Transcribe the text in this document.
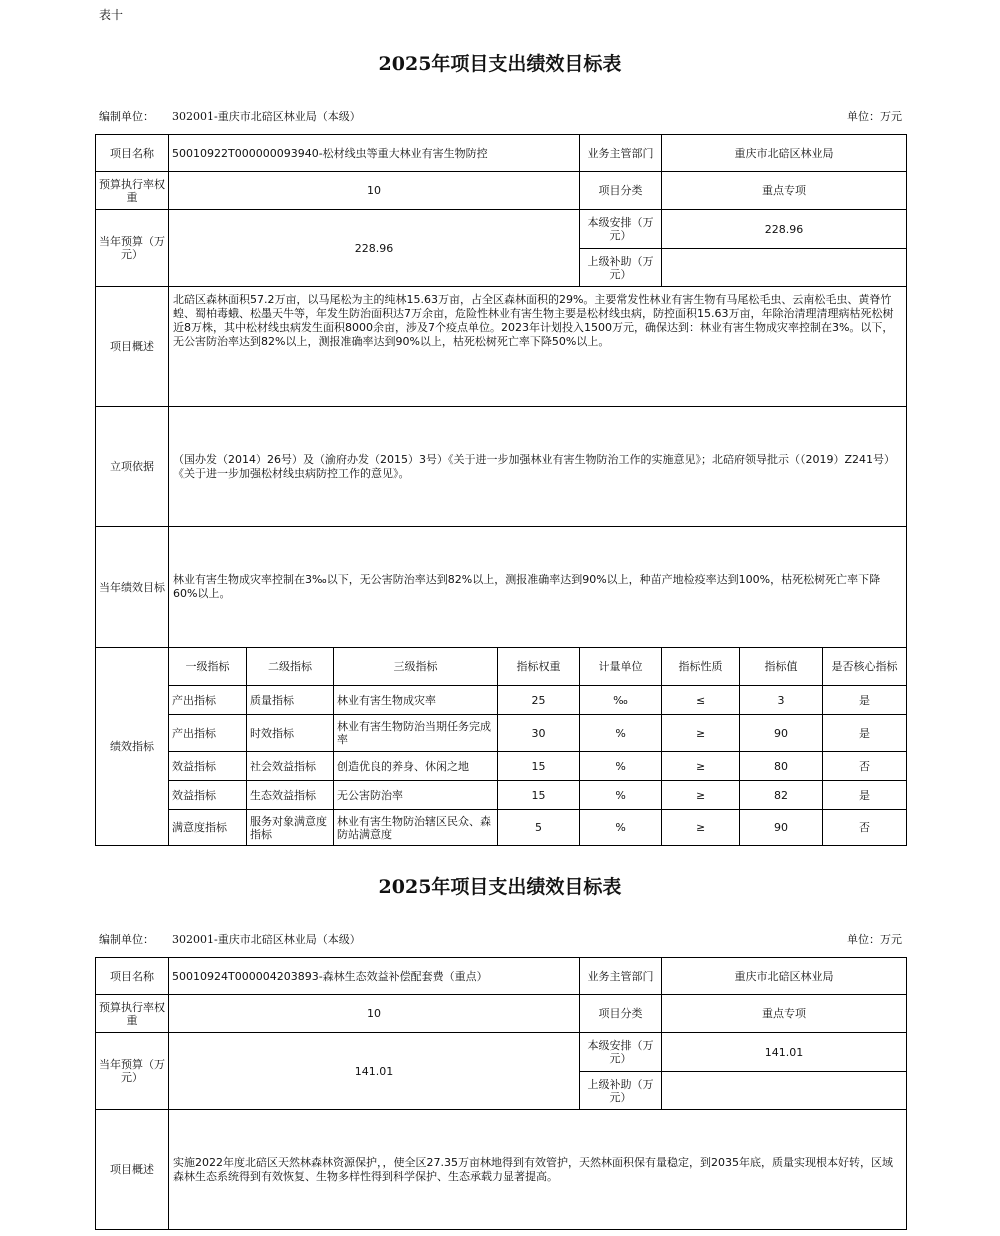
表十
2025年项目支出绩效目标表
编制单位： 302001-重庆市北碚区林业局（本级）	单位：万元
项目名称	50010922T000000093940-松材线虫等重大林业有害生物防控				业务主管部门	重庆市北碚区林业局		
预算执行率权重	10				项目分类	重点专项		
当年预算（万元）	228.96				本级安排（万元）	228.96		
					上级补助（万元）			
项目概述	北碚区森林面积57.2万亩，以马尾松为主的纯林15.63万亩，占全区森林面积的29%。主要常发性林业有害生物有马尾松毛虫、云南松毛虫、黄脊竹蝗、蜀柏毒蛾、松墨天牛等，年发生防治面积达7万余亩，危险性林业有害生物主要是松材线虫病，防控面积15.63万亩，年除治清理清理病枯死松树近8万株，其中松材线虫病发生面积8000余亩，涉及7个疫点单位。2023年计划投入1500万元，确保达到：林业有害生物成灾率控制在3%。以下，无公害防治率达到82%以上，测报准确率达到90%以上，枯死松树死亡率下降50%以上。							
立项依据	（国办发（2014）26号）及（渝府办发（2015）3号）《关于进一步加强林业有害生物防治工作的实施意见》；北碚府领导批示（（2019）Z241号）《关于进一步加强松材线虫病防控工作的意见》。							
当年绩效目标	林业有害生物成灾率控制在3‰以下，无公害防治率达到82%以上，测报准确率达到90%以上，种苗产地检疫率达到100%，枯死松树死亡率下降60%以上。							
绩效指标	一级指标	二级指标	三级指标	指标权重	计量单位	指标性质	指标值	是否核心指标
	产出指标	质量指标	林业有害生物成灾率	25	‰	≤	3	是
	产出指标	时效指标	林业有害生物防治当期任务完成率	30	%	≥	90	是
	效益指标	社会效益指标	创造优良的养身、休闲之地	15	%	≥	80	否
	效益指标	生态效益指标	无公害防治率	15	%	≥	82	是
	满意度指标	服务对象满意度指标	林业有害生物防治辖区民众、森防站满意度	5	%	≥	90	否
2025年项目支出绩效目标表
编制单位： 302001-重庆市北碚区林业局（本级）	单位：万元
项目名称	50010924T000004203893-森林生态效益补偿配套费（重点）	业务主管部门	重庆市北碚区林业局
预算执行率权重	10	项目分类	重点专项
当年预算（万元）	141.01	本级安排（万元）	141.01
		上级补助（万元）	
项目概述	实施2022年度北碚区天然林森林资源保护，，使全区27.35万亩林地得到有效管护，天然林面积保有量稳定，到2035年底，质量实现根本好转，区域森林生态系统得到有效恢复、生物多样性得到科学保护、生态承载力显著提高。		
